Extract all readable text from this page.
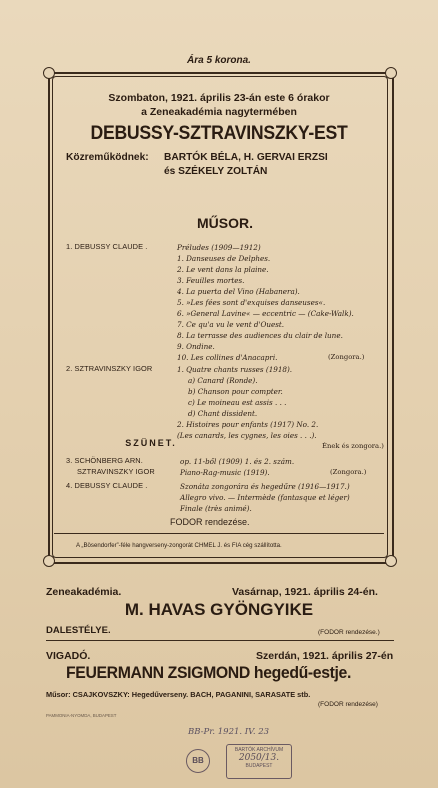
Ára 5 korona.
Szombaton, 1921. április 23-án este 6 órakor
a Zeneakadémia nagytermében
DEBUSSY-SZTRAVINSZKY-EST
Közreműködnek: BARTÓK BÉLA, H. GERVAI ERZSI
és SZÉKELY ZOLTÁN
MŰSOR.
1. DEBUSSY CLAUDE .	Préludes (1909—1912)
1. Danseuses de Delphes.
2. Le vent dans la plaine.
3. Feuilles mortes.
4. La puerta del Vino (Habanera).
5. »Les fées sont d'exquises danseuses«.
6. »General Lavine« — eccentric — (Cake-Walk).
7. Ce qu'a vu le vent d'Ouest.
8. La terrasse des audiences du clair de lune.
9. Ondine.
10. Les collines d'Anacapri.	(Zongora.)
2. SZTRAVINSZKY IGOR	1. Quatre chants russes (1918).
a) Canard (Ronde).
b) Chanson pour compter.
c) Le moineau est assis . . .
d) Chant dissident.
2. Histoires pour enfants (1917) No. 2.
(Les canards, les cygnes, les oies . . .).
Ének és zongora.)
SZÜNET.
3. SCHÖNBERG ARN.	op. 11-ből (1909) 1. és 2. szám.
SZTRAVINSZKY IGOR	Piano-Rag-music (1919).	(Zongora.)
4. DEBUSSY CLAUDE .	Szonáta zongorára és hegedűre (1916—1917.)
Allegro vivo. — Intermède (fantasque et léger)
Finale (très animé).
FODOR rendezése.
A „Bösendorfer”-féle hangverseny-zongorát CHMEL J. és FIA cég szállította.
Zeneakadémia.	Vasárnap, 1921. április 24-én.
M. HAVAS GYÖNGYIKE
DALESTÉLYE.	(FODOR rendezése.)
VIGADÓ.	Szerdán, 1921. április 27-én
FEUERMANN ZSIGMOND hegedű-estje.
Műsor: CSAJKOVSZKY: Hegedűverseny. BACH, PAGANINI, SARASATE stb.
(FODOR rendezése)
PAMMONIA-NYOMDA, BUDAPEST
BB-Pr. 1921. IV. 23
BB
BARTÓK ARCHÍVUM
2050/13.
BUDAPEST
